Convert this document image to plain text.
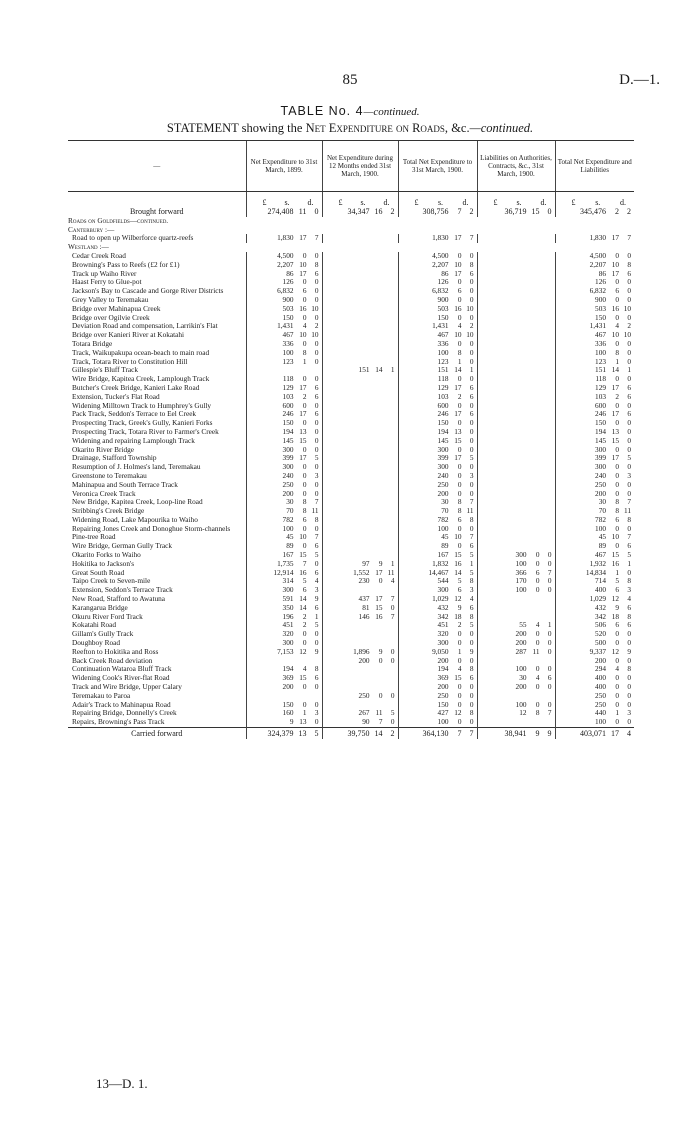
85	D.—1.
TABLE No. 4—continued.
STATEMENT showing the Net Expenditure on Roads, &c.—continued.
—	Net Expenditure to 31st March, 1899.	Net Expenditure during 12 Months ended 31st March, 1900.	Total Net Expenditure to 31st March, 1900.	Liabilities on Authorities, Contracts, &c., 31st March, 1900.	Total Net Expenditure and Liabilities

	£ s. d.	£ s. d.	£ s. d.	£ s. d.	£ s. d.

Brought forward	274,408 11 0	34,347 16 2	308,756 7 2	36,719 15 0	345,476 2 2

Roads on Goldfields—continued.					
Canterbury :—					

Road to open up Wilberforce quartz-reefs	1,830 17 7		1,830 17 7		1,830 17 7

Westland :—					

Cedar Creek Road	4,500 0 0		4,500 0 0		4,500 0 0

Browning's Pass to Reefs (£2 for £1)	2,207 10 8		2,207 10 8		2,207 10 8

Track up Waiho River	86 17 6		86 17 6		86 17 6

Haast Ferry to Glue-pot	126 0 0		126 0 0		126 0 0

Jackson's Bay to Cascade and Gorge River Districts	6,832 6 0		6,832 6 0		6,832 6 0

Grey Valley to Teremakau	900 0 0		900 0 0		900 0 0

Bridge over Mahinapua Creek	503 16 10		503 16 10		503 16 10

Bridge over Ogilvie Creek	150 0 0		150 0 0		150 0 0

Deviation Road and compensation, Larrikin's Flat	1,431 4 2		1,431 4 2		1,431 4 2

Bridge over Kanieri River at Kokatahi	467 10 10		467 10 10		467 10 10

Totara Bridge	336 0 0		336 0 0		336 0 0

Track, Waikupakupa ocean-beach to main road	100 8 0		100 8 0		100 8 0

Track, Totara River to Constitution Hill	123 1 0		123 1 0		123 1 0

Gillespie's Bluff Track		151 14 1	151 14 1		151 14 1

Wire Bridge, Kapitea Creek, Lamplough Track	118 0 0		118 0 0		118 0 0

Butcher's Creek Bridge, Kanieri Lake Road	129 17 6		129 17 6		129 17 6

Extension, Tucker's Flat Road	103 2 6		103 2 6		103 2 6

Widening Milltown Track to Humphrey's Gully	600 0 0		600 0 0		600 0 0

Pack Track, Seddon's Terrace to Eel Creek	246 17 6		246 17 6		246 17 6

Prospecting Track, Greek's Gully, Kanieri Forks	150 0 0		150 0 0		150 0 0

Prospecting Track, Totara River to Farmer's Creek	194 13 0		194 13 0		194 13 0

Widening and repairing Lamplough Track	145 15 0		145 15 0		145 15 0

Okarito River Bridge	300 0 0		300 0 0		300 0 0

Drainage, Stafford Township	399 17 5		399 17 5		399 17 5

Resumption of J. Holmes's land, Teremakau	300 0 0		300 0 0		300 0 0

Greenstone to Teremakau	240 0 3		240 0 3		240 0 3

Mahinapua and South Terrace Track	250 0 0		250 0 0		250 0 0

Veronica Creek Track	200 0 0		200 0 0		200 0 0

New Bridge, Kapitea Creek, Loop-line Road	30 8 7		30 8 7		30 8 7

Stribbing's Creek Bridge	70 8 11		70 8 11		70 8 11

Widening Road, Lake Mapourika to Waiho	782 6 8		782 6 8		782 6 8

Repairing Jones Creek and Donoghue Storm-channels	100 0 0		100 0 0		100 0 0

Pine-tree Road	45 10 7		45 10 7		45 10 7

Wire Bridge, German Gully Track	89 0 6		89 0 6		89 0 6

Okarito Forks to Waiho	167 15 5		167 15 5	300 0 0	467 15 5

Hokitika to Jackson's	1,735 7 0	97 9 1	1,832 16 1	100 0 0	1,932 16 1

Great South Road	12,914 16 6	1,552 17 11	14,467 14 5	366 6 7	14,834 1 0

Taipo Creek to Seven-mile	314 5 4	230 0 4	544 5 8	170 0 0	714 5 8

Extension, Seddon's Terrace Track	300 6 3		300 6 3	100 0 0	400 6 3

New Road, Stafford to Awatuna	591 14 9	437 17 7	1,029 12 4		1,029 12 4

Karangarua Bridge	350 14 6	81 15 0	432 9 6		432 9 6

Okuru River Ford Track	196 2 1	146 16 7	342 18 8		342 18 8

Kokatahi Road	451 2 5		451 2 5	55 4 1	506 6 6

Gillam's Gully Track	320 0 0		320 0 0	200 0 0	520 0 0

Doughboy Road	300 0 0		300 0 0	200 0 0	500 0 0

Reefton to Hokitika and Ross	7,153 12 9	1,896 9 0	9,050 1 9	287 11 0	9,337 12 9

Back Creek Road deviation		200 0 0	200 0 0		200 0 0

Continuation Wataroa Bluff Track	194 4 8		194 4 8	100 0 0	294 4 8

Widening Cook's River-flat Road	369 15 6		369 15 6	30 4 6	400 0 0

Track and Wire Bridge, Upper Calary	200 0 0		200 0 0	200 0 0	400 0 0

Teremakau to Paroa		250 0 0	250 0 0		250 0 0

Adair's Track to Mahinapua Road	150 0 0		150 0 0	100 0 0	250 0 0

Repairing Bridge, Donnelly's Creek	160 1 3	267 11 5	427 12 8	12 8 7	440 1 3

Repairs, Browning's Pass Track	9 13 0	90 7 0	100 0 0		100 0 0

Carried forward	324,379 13 5	39,750 14 2	364,130 7 7	38,941 9 9	403,071 17 4
13—D. 1.
